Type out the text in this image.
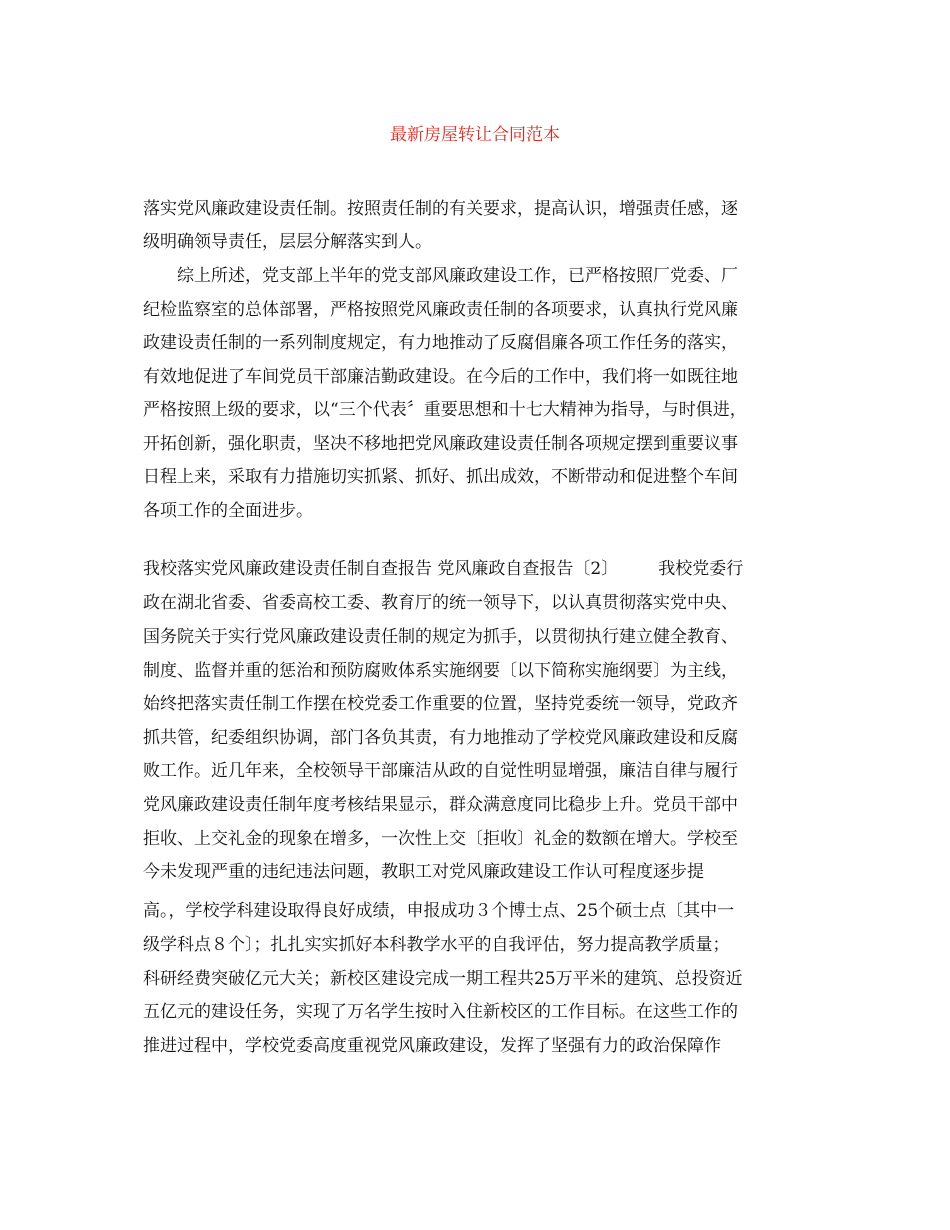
最新房屋转让合同范本
落实党风廉政建设责任制。按照责任制的有关要求，提高认识，增强责任感，逐
级明确领导责任，层层分解落实到人。
综上所述，党支部上半年的党支部风廉政建设工作，已严格按照厂党委、厂
纪检监察室的总体部署，严格按照党风廉政责任制的各项要求，认真执行党风廉
政建设责任制的一系列制度规定，有力地推动了反腐倡廉各项工作任务的落实，
有效地促进了车间党员干部廉洁勤政建设。在今后的工作中，我们将一如既往地
严格按照上级的要求，以“三个代表〞重要思想和十七大精神为指导，与时俱进，
开拓创新，强化职责，坚决不移地把党风廉政建设责任制各项规定摆到重要议事
日程上来，采取有力措施切实抓紧、抓好、抓出成效，不断带动和促进整个车间
各项工作的全面进步。
我校落实党风廉政建设责任制自查报告 党风廉政自查报告〔2〕 我校党委行
政在湖北省委、省委高校工委、教育厅的统一领导下，以认真贯彻落实党中央、
国务院关于实行党风廉政建设责任制的规定为抓手，以贯彻执行建立健全教育、
制度、监督并重的惩治和预防腐败体系实施纲要〔以下简称实施纲要〕为主线，
始终把落实责任制工作摆在校党委工作重要的位置，坚持党委统一领导，党政齐
抓共管，纪委组织协调，部门各负其责，有力地推动了学校党风廉政建设和反腐
败工作。近几年来，全校领导干部廉洁从政的自觉性明显增强，廉洁自律与履行
党风廉政建设责任制年度考核结果显示，群众满意度同比稳步上升。党员干部中
拒收、上交礼金的现象在增多，一次性上交〔拒收〕礼金的数额在增大。学校至
今未发现严重的违纪违法问题，教职工对党风廉政建设工作认可程度逐步提
高。，学校学科建设取得良好成绩，申报成功３个博士点、25个硕士点〔其中一
级学科点８个〕；扎扎实实抓好本科教学水平的自我评估，努力提高教学质量；
科研经费突破亿元大关；新校区建设完成一期工程共25万平米的建筑、总投资近
五亿元的建设任务，实现了万名学生按时入住新校区的工作目标。在这些工作的
推进过程中，学校党委高度重视党风廉政建设，发挥了坚强有力的政治保障作
